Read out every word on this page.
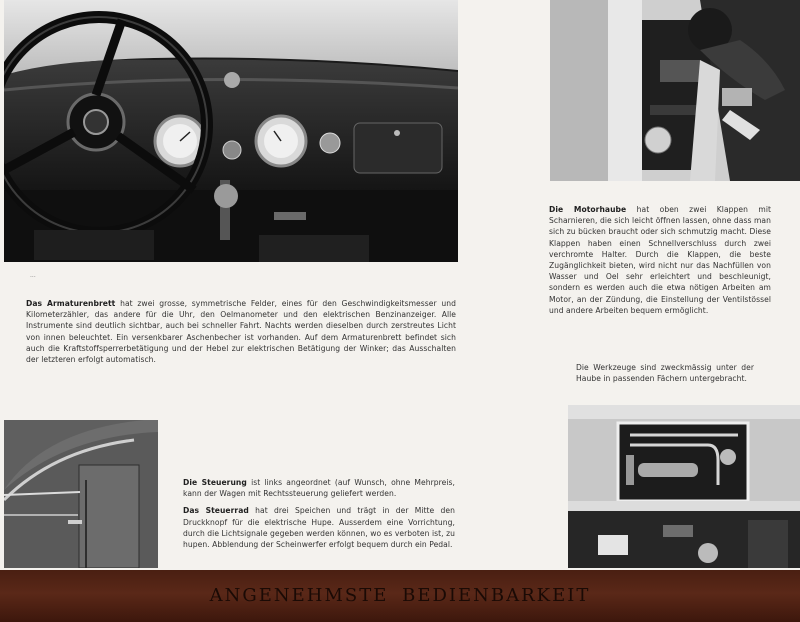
...
Das Armaturenbrett hat zwei grosse, symmetrische Felder, eines für den Geschwindigkeitsmesser und Kilometerzähler, das andere für die Uhr, den Oelmanometer und den elektrischen Benzinanzeiger. Alle Instrumente sind deutlich sichtbar, auch bei schneller Fahrt. Nachts werden dieselben durch zerstreutes Licht von innen beleuchtet. Ein versenkbarer Aschenbecher ist vorhanden. Auf dem Armaturenbrett befindet sich auch die Kraftstoffsperrerbetätigung und der Hebel zur elektrischen Betätigung der Winker; das Ausschalten der letzteren erfolgt automatisch.
Die Motorhaube hat oben zwei Klappen mit Scharnieren, die sich leicht öffnen lassen, ohne dass man sich zu bücken braucht oder sich schmutzig macht. Diese Klappen haben einen Schnellverschluss durch zwei verchromte Halter. Durch die Klappen, die beste Zugänglichkeit bieten, wird nicht nur das Nachfüllen von Wasser und Oel sehr erleichtert und beschleunigt, sondern es werden auch die etwa nötigen Arbeiten am Motor, an der Zündung, die Einstellung der Ventilstössel und andere Arbeiten bequem ermöglicht.
Die Werkzeuge sind zweckmässig unter der Haube in passenden Fächern untergebracht.

Die Steuerung ist links angeordnet (auf Wunsch, ohne Mehrpreis, kann der Wagen mit Rechtssteuerung geliefert werden.

Das Steuerrad hat drei Speichen und trägt in der Mitte den Druckknopf für die elektrische Hupe. Ausserdem eine Vorrichtung, durch die Lichtsignale gegeben werden können, wo es verboten ist, zu hupen. Abblendung der Scheinwerfer erfolgt bequem durch ein Pedal.

ANGENEHMSTE BEDIENBARKEIT
